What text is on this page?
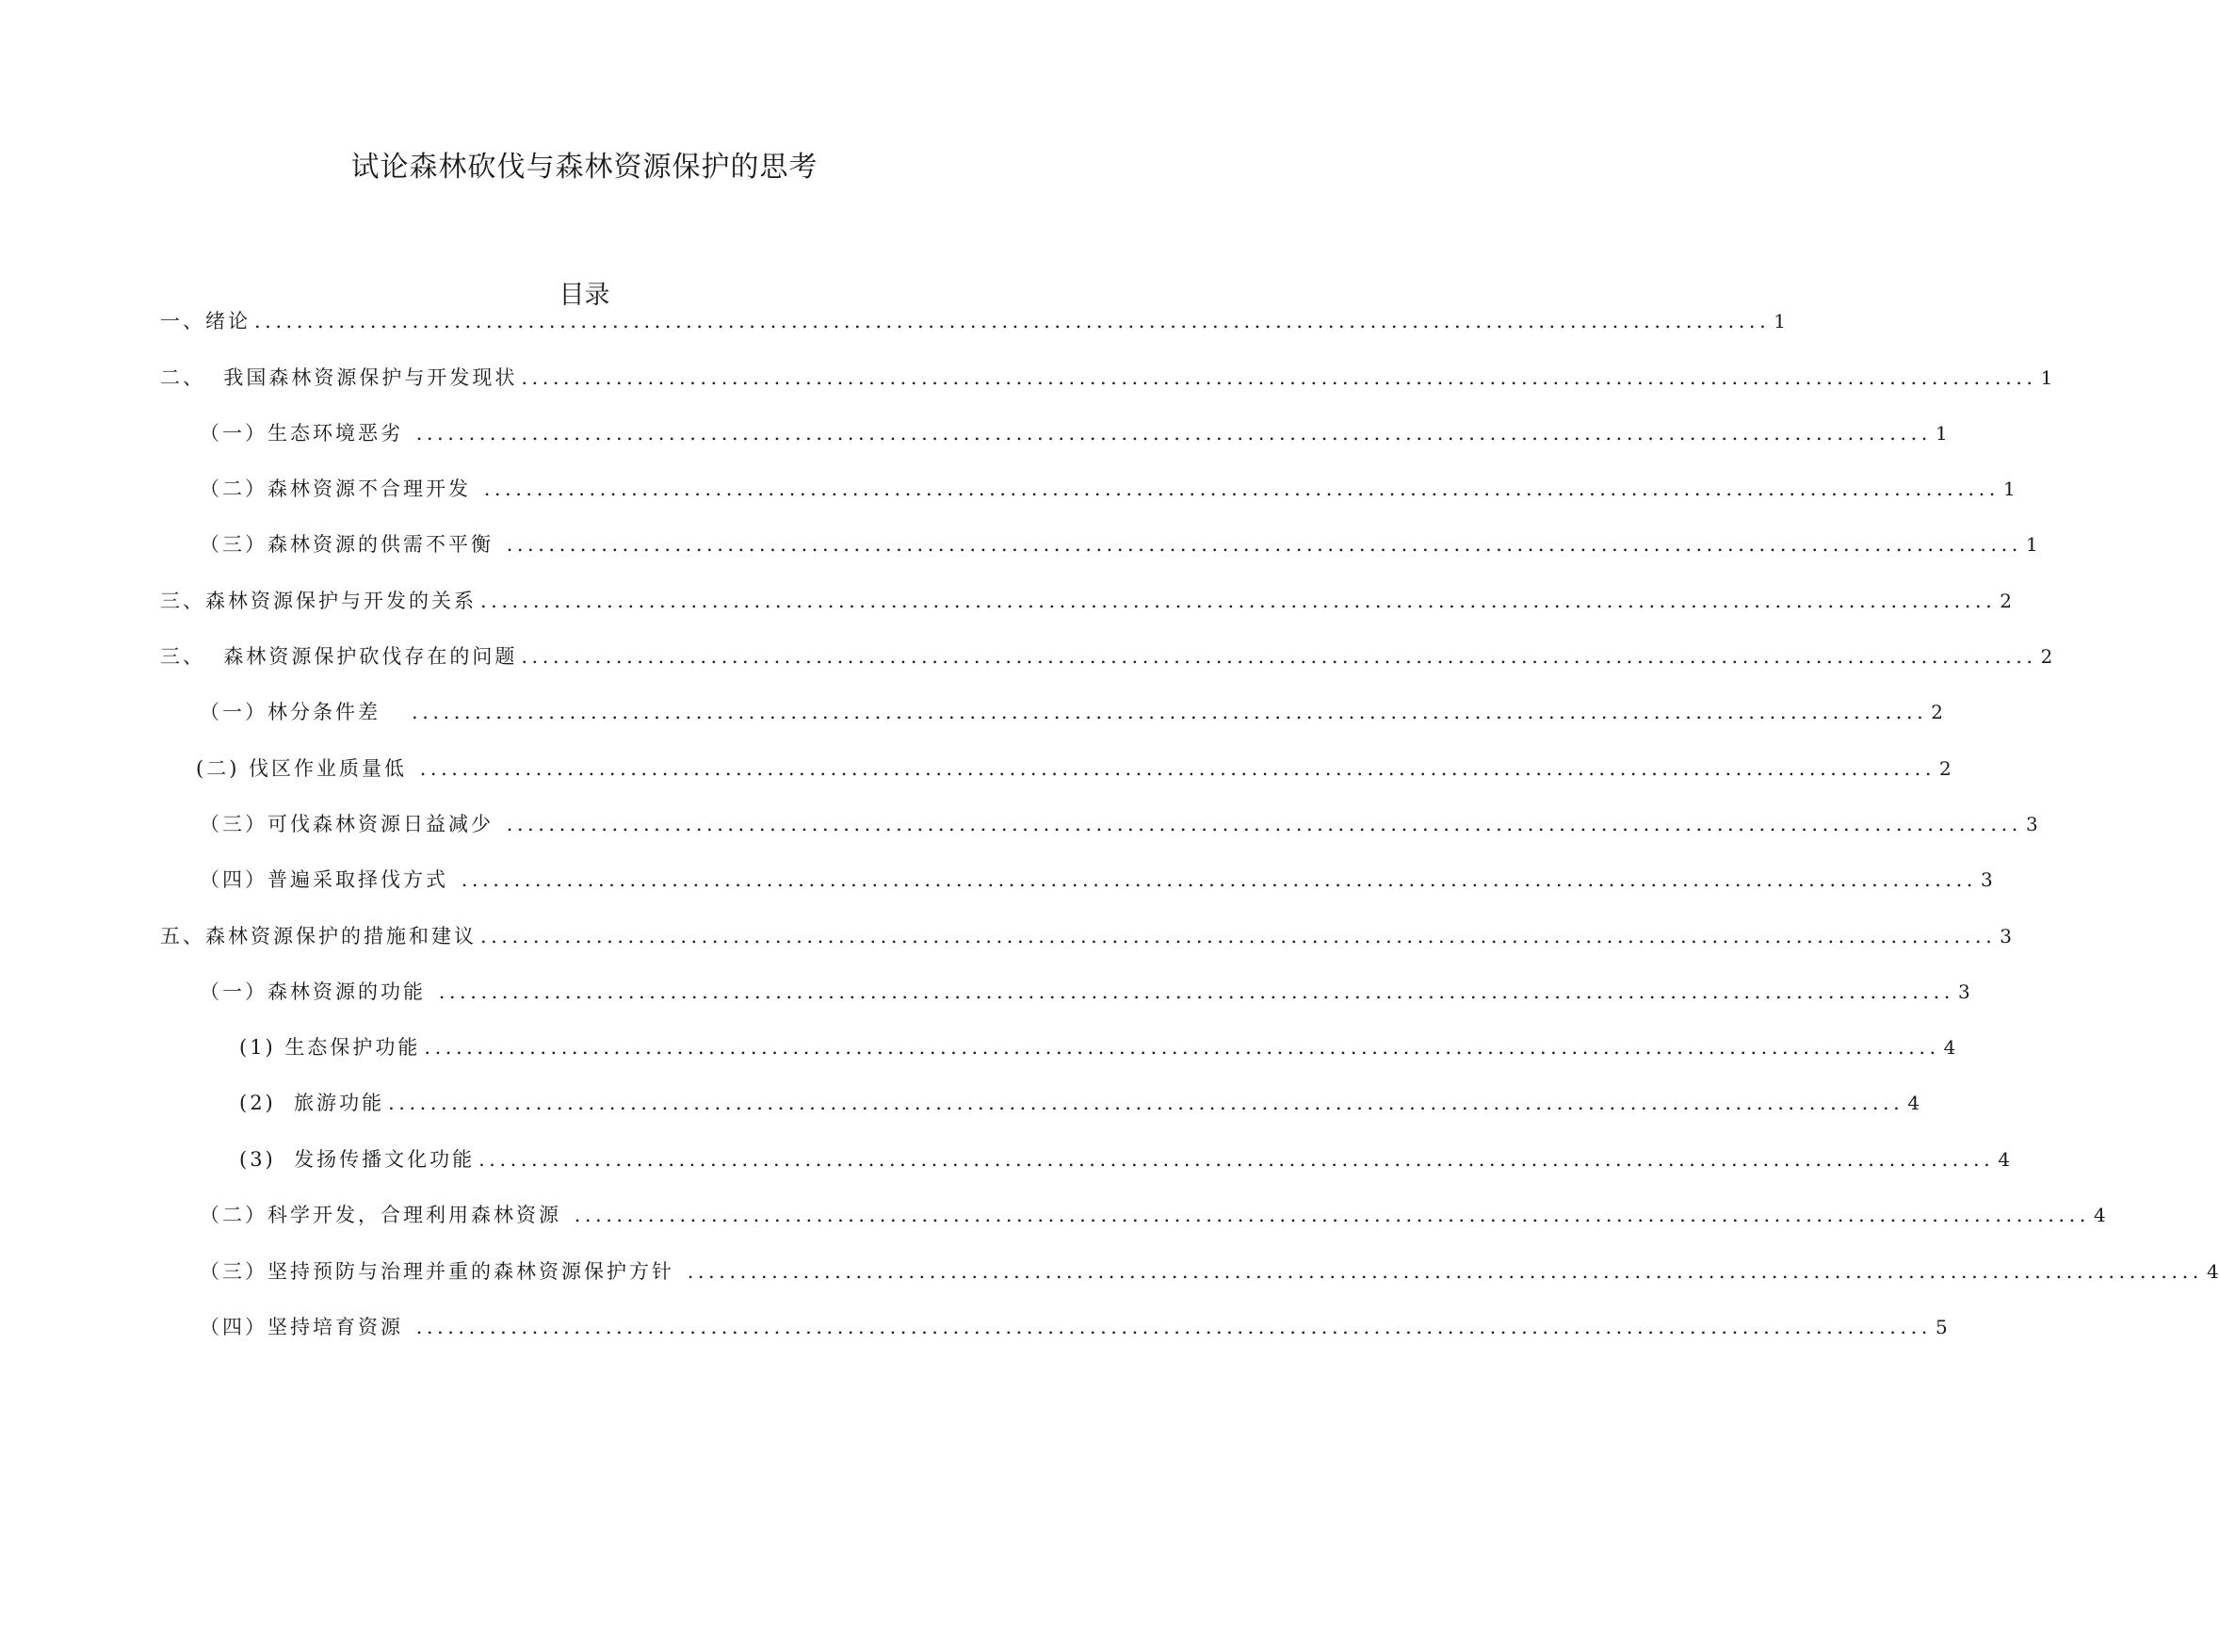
试论森林砍伐与森林资源保护的思考
目录
一、绪论 ................................................................................................................................................ 1
二、  我国森林资源保护与开发现状 ................................................................................................................................................ 1
（一）生态环境恶劣 ................................................................................................................................................ 1
（二）森林资源不合理开发 ................................................................................................................................................ 1
（三）森林资源的供需不平衡 ................................................................................................................................................ 1
三、森林资源保护与开发的关系 ................................................................................................................................................ 2
三、  森林资源保护砍伐存在的问题 ................................................................................................................................................ 2
（一）林分条件差 ................................................................................................................................................ 2
(二) 伐区作业质量低 ................................................................................................................................................ 2
（三）可伐森林资源日益减少 ................................................................................................................................................ 3
（四）普遍采取择伐方式 ................................................................................................................................................ 3
五、森林资源保护的措施和建议 ................................................................................................................................................ 3
（一）森林资源的功能 ................................................................................................................................................ 3
(1) 生态保护功能 ................................................................................................................................................ 4
(2)  旅游功能 ................................................................................................................................................ 4
(3)  发扬传播文化功能 ................................................................................................................................................ 4
（二）科学开发，合理利用森林资源 ................................................................................................................................................ 4
（三）坚持预防与治理并重的森林资源保护方针 ................................................................................................................................................ 4
（四）坚持培育资源 ................................................................................................................................................ 5
